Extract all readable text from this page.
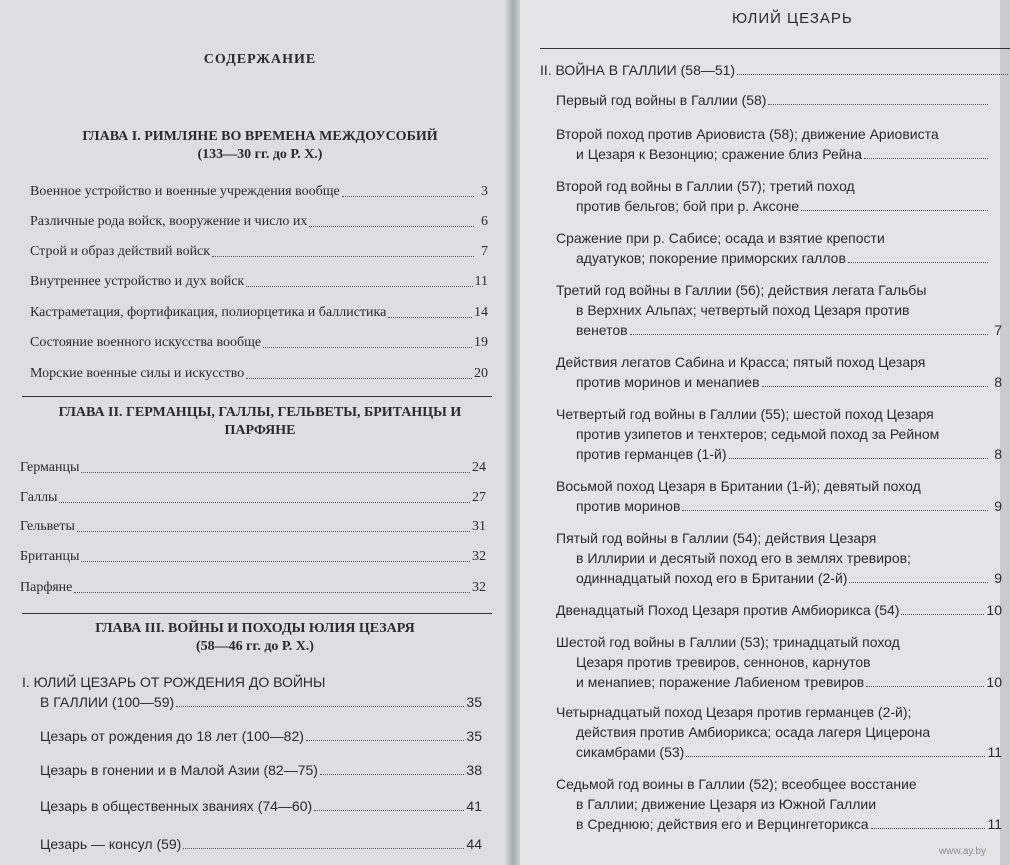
СОДЕРЖАНИЕ
ГЛАВА I. РИМЛЯНЕ ВО ВРЕМЕНА МЕЖДОУСОБИЙ
(133—30 гг. до Р. Х.)
Военное устройство и военные учреждения вообще	3
Различные рода войск, вооружение и число их	6
Строй и образ действий войск	7
Внутреннее устройство и дух войск	11
Кастраметация, фортификация, полиорцетика и баллистика	14
Состояние военного искусства вообще	19
Морские военные силы и искусство	20
ГЛАВА II. ГЕРМАНЦЫ, ГАЛЛЫ, ГЕЛЬВЕТЫ, БРИТАНЦЫ И ПАРФЯНЕ
Германцы	24
Галлы	27
Гельветы	31
Британцы	32
Парфяне	32
ГЛАВА III. ВОЙНЫ И ПОХОДЫ ЮЛИЯ ЦЕЗАРЯ
(58—46 гг. до Р. Х.)
I. ЮЛИЙ ЦЕЗАРЬ ОТ РОЖДЕНИЯ ДО ВОЙНЫ
В ГАЛЛИИ (100—59)	35
Цезарь от рождения до 18 лет (100—82)	35
Цезарь в гонении и в Малой Азии (82—75)	38
Цезарь в общественных званиях (74—60)	41
Цезарь — консул (59)	44
ЮЛИЙ ЦЕЗАРЬ
II. ВОЙНА В ГАЛЛИИ (58—51)
Первый год войны в Галлии (58)
Второй поход против Ариовиста (58); движение Ариовиста
и Цезаря к Везонцию; сражение близ Рейна
Второй год войны в Галлии (57); третий поход
против бельгов; бой при р. Аксоне
Сражение при р. Сабисе; осада и взятие крепости
адуатуков; покорение приморских галлов
Третий год войны в Галлии (56); действия легата Гальбы
в Верхних Альпах; четвертый поход Цезаря против
венетов	7
Действия легатов Сабина и Красса; пятый поход Цезаря
против моринов и менапиев	8
Четвертый год войны в Галлии (55); шестой поход Цезаря
против узипетов и тенхтеров; седьмой поход за Рейном
против германцев (1-й)	8
Восьмой поход Цезаря в Британии (1-й); девятый поход
против моринов	9
Пятый год войны в Галлии (54); действия Цезаря
в Иллирии и десятый поход его в землях тревиров;
одиннадцатый поход его в Британии (2-й)	9
Двенадцатый Поход Цезаря против Амбиорикса (54)	10
Шестой год войны в Галлии (53); тринадцатый поход
Цезаря против тревиров, сеннонов, карнутов
и менапиев; поражение Лабиеном тревиров	10
Четырнадцатый поход Цезаря против германцев (2-й);
действия против Амбиорикса; осада лагеря Цицерона
сикамбрами (53)	11
Седьмой год воины в Галлии (52); всеобщее восстание
в Галлии; движение Цезаря из Южной Галлии
в Среднюю; действия его и Верцингеторикса	11
www.ay.by
